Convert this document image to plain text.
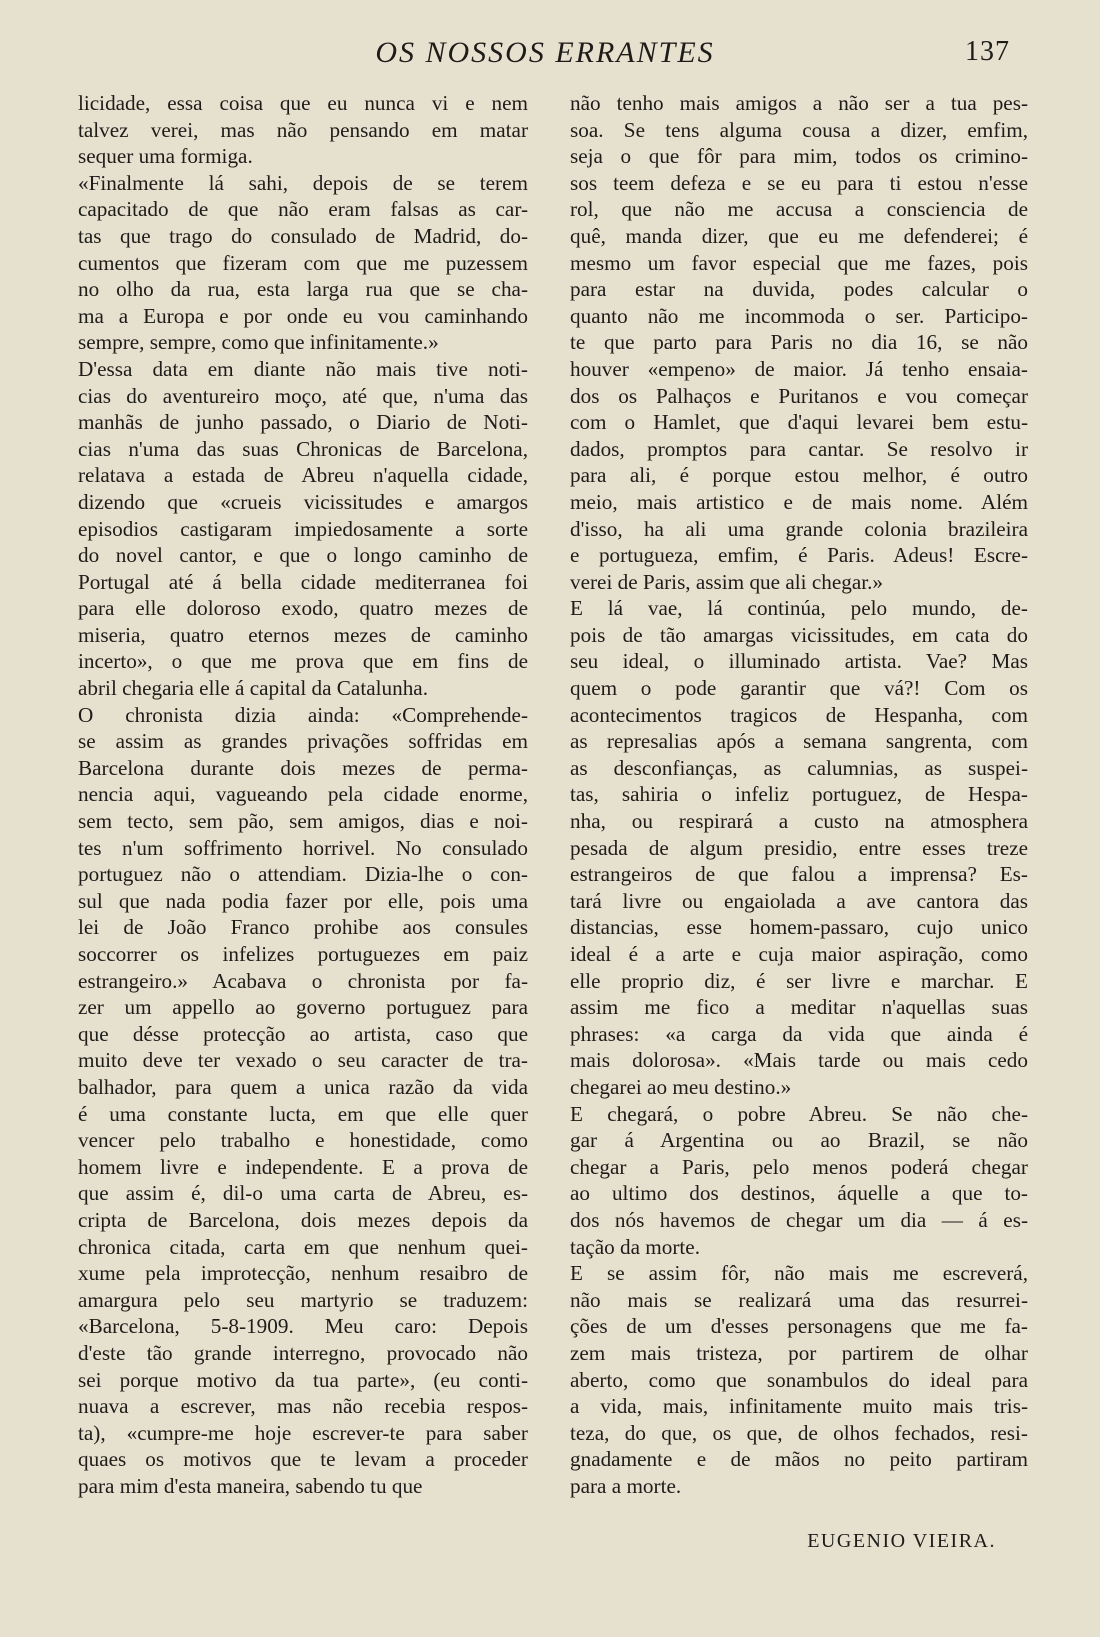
OS NOSSOS ERRANTES	137
licidade, essa coisa que eu nunca vi e nem
talvez verei, mas não pensando em matar
sequer uma formiga.
«Finalmente lá sahi, depois de se terem
capacitado de que não eram falsas as car-
tas que trago do consulado de Madrid, do-
cumentos que fizeram com que me puzessem
no olho da rua, esta larga rua que se cha-
ma a Europa e por onde eu vou caminhando
sempre, sempre, como que infinitamente.»
D'essa data em diante não mais tive noti-
cias do aventureiro moço, até que, n'uma das
manhãs de junho passado, o Diario de Noti-
cias n'uma das suas Chronicas de Barcelona,
relatava a estada de Abreu n'aquella cidade,
dizendo que «crueis vicissitudes e amargos
episodios castigaram impiedosamente a sorte
do novel cantor, e que o longo caminho de
Portugal até á bella cidade mediterranea foi
para elle doloroso exodo, quatro mezes de
miseria, quatro eternos mezes de caminho
incerto», o que me prova que em fins de
abril chegaria elle á capital da Catalunha.
O chronista dizia ainda: «Comprehende-
se assim as grandes privações soffridas em
Barcelona durante dois mezes de perma-
nencia aqui, vagueando pela cidade enorme,
sem tecto, sem pão, sem amigos, dias e noi-
tes n'um soffrimento horrivel. No consulado
portuguez não o attendiam. Dizia-lhe o con-
sul que nada podia fazer por elle, pois uma
lei de João Franco prohibe aos consules
soccorrer os infelizes portuguezes em paiz
estrangeiro.» Acabava o chronista por fa-
zer um appello ao governo portuguez para
que désse protecção ao artista, caso que
muito deve ter vexado o seu caracter de tra-
balhador, para quem a unica razão da vida
é uma constante lucta, em que elle quer
vencer pelo trabalho e honestidade, como
homem livre e independente. E a prova de
que assim é, dil-o uma carta de Abreu, es-
cripta de Barcelona, dois mezes depois da
chronica citada, carta em que nenhum quei-
xume pela improtecção, nenhum resaibro de
amargura pelo seu martyrio se traduzem:
«Barcelona, 5-8-1909. Meu caro: Depois
d'este tão grande interregno, provocado não
sei porque motivo da tua parte», (eu conti-
nuava a escrever, mas não recebia respos-
ta), «cumpre-me hoje escrever-te para saber
quaes os motivos que te levam a proceder
para mim d'esta maneira, sabendo tu que
não tenho mais amigos a não ser a tua pes-
soa. Se tens alguma cousa a dizer, emfim,
seja o que fôr para mim, todos os crimino-
sos teem defeza e se eu para ti estou n'esse
rol, que não me accusa a consciencia de
quê, manda dizer, que eu me defenderei; é
mesmo um favor especial que me fazes, pois
para estar na duvida, podes calcular o
quanto não me incommoda o ser. Participo-
te que parto para Paris no dia 16, se não
houver «empeno» de maior. Já tenho ensaia-
dos os Palhaços e Puritanos e vou começar
com o Hamlet, que d'aqui levarei bem estu-
dados, promptos para cantar. Se resolvo ir
para ali, é porque estou melhor, é outro
meio, mais artistico e de mais nome. Além
d'isso, ha ali uma grande colonia brazileira
e portugueza, emfim, é Paris. Adeus! Escre-
verei de Paris, assim que ali chegar.»
E lá vae, lá continúa, pelo mundo, de-
pois de tão amargas vicissitudes, em cata do
seu ideal, o illuminado artista. Vae? Mas
quem o pode garantir que vá?! Com os
acontecimentos tragicos de Hespanha, com
as represalias após a semana sangrenta, com
as desconfianças, as calumnias, as suspei-
tas, sahiria o infeliz portuguez, de Hespa-
nha, ou respirará a custo na atmosphera
pesada de algum presidio, entre esses treze
estrangeiros de que falou a imprensa? Es-
tará livre ou engaiolada a ave cantora das
distancias, esse homem-passaro, cujo unico
ideal é a arte e cuja maior aspiração, como
elle proprio diz, é ser livre e marchar. E
assim me fico a meditar n'aquellas suas
phrases: «a carga da vida que ainda é
mais dolorosa». «Mais tarde ou mais cedo
chegarei ao meu destino.»
E chegará, o pobre Abreu. Se não che-
gar á Argentina ou ao Brazil, se não
chegar a Paris, pelo menos poderá chegar
ao ultimo dos destinos, áquelle a que to-
dos nós havemos de chegar um dia — á es-
tação da morte.
E se assim fôr, não mais me escreverá,
não mais se realizará uma das resurrei-
ções de um d'esses personagens que me fa-
zem mais tristeza, por partirem de olhar
aberto, como que sonambulos do ideal para
a vida, mais, infinitamente muito mais tris-
teza, do que, os que, de olhos fechados, resi-
gnadamente e de mãos no peito partiram
para a morte.
EUGENIO VIEIRA.
